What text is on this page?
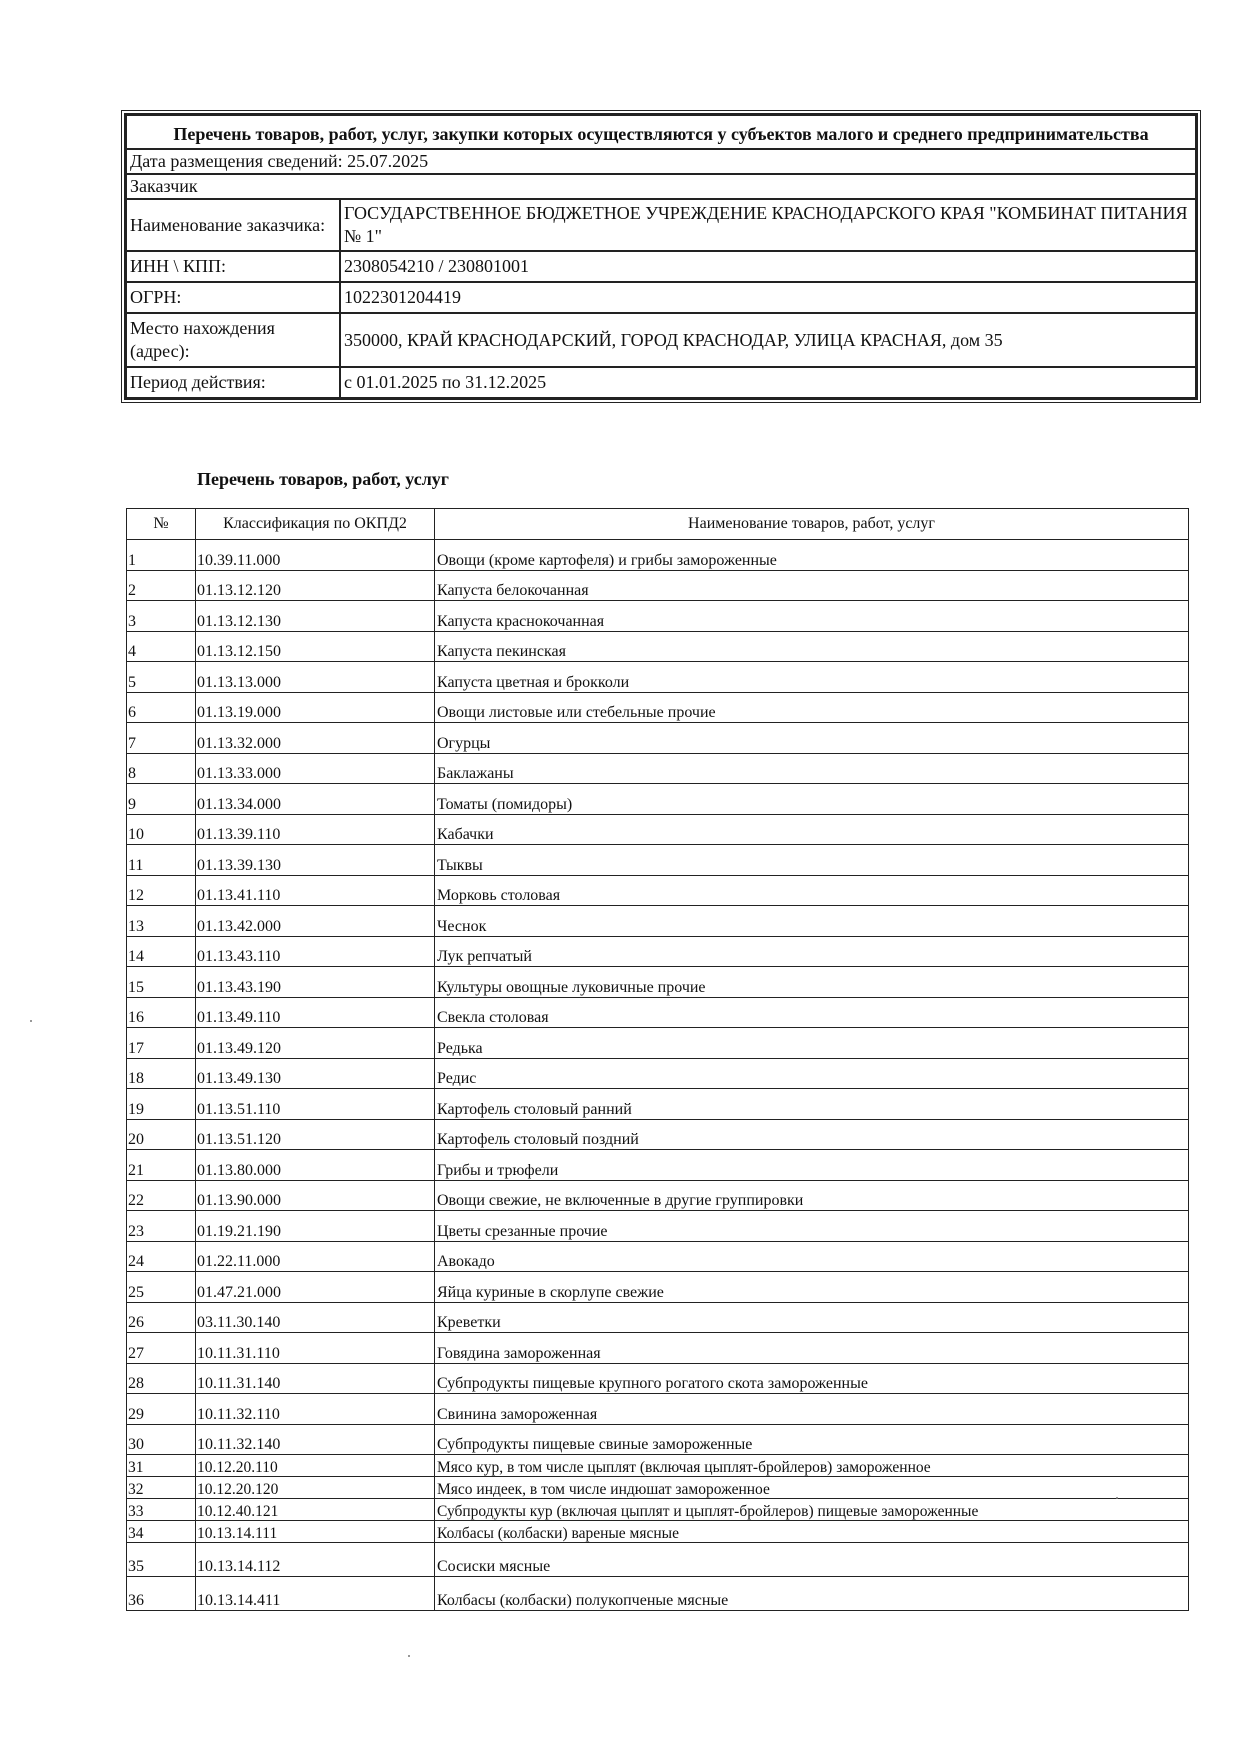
Перечень товаров, работ, услуг, закупки которых осуществляются у субъектов малого и среднего предпринимательства	
Дата размещения сведений: 25.07.2025	
Заказчик	
Наименование заказчика:	ГОСУДАРСТВЕННОЕ БЮДЖЕТНОЕ УЧРЕЖДЕНИЕ КРАСНОДАРСКОГО КРАЯ "КОМБИНАТ ПИТАНИЯ № 1"
ИНН \ КПП:	2308054210 / 230801001
ОГРН:	1022301204419
Место нахождения (адрес):	350000, КРАЙ КРАСНОДАРСКИЙ, ГОРОД КРАСНОДАР, УЛИЦА КРАСНАЯ, дом 35
Период действия:	с 01.01.2025 по 31.12.2025

Перечень товаров, работ, услуг

№	Классификация по ОКПД2	Наименование товаров, работ, услуг
1	10.39.11.000	Овощи (кроме картофеля) и грибы замороженные
2	01.13.12.120	Капуста белокочанная
3	01.13.12.130	Капуста краснокочанная
4	01.13.12.150	Капуста пекинская
5	01.13.13.000	Капуста цветная и брокколи
6	01.13.19.000	Овощи листовые или стебельные прочие
7	01.13.32.000	Огурцы
8	01.13.33.000	Баклажаны
9	01.13.34.000	Томаты (помидоры)
10	01.13.39.110	Кабачки
11	01.13.39.130	Тыквы
12	01.13.41.110	Морковь столовая
13	01.13.42.000	Чеснок
14	01.13.43.110	Лук репчатый
15	01.13.43.190	Культуры овощные луковичные прочие
16	01.13.49.110	Свекла столовая
17	01.13.49.120	Редька
18	01.13.49.130	Редис
19	01.13.51.110	Картофель столовый ранний
20	01.13.51.120	Картофель столовый поздний
21	01.13.80.000	Грибы и трюфели
22	01.13.90.000	Овощи свежие, не включенные в другие группировки
23	01.19.21.190	Цветы срезанные прочие
24	01.22.11.000	Авокадо
25	01.47.21.000	Яйца куриные в скорлупе свежие
26	03.11.30.140	Креветки
27	10.11.31.110	Говядина замороженная
28	10.11.31.140	Субпродукты пищевые крупного рогатого скота замороженные
29	10.11.32.110	Свинина замороженная
30	10.11.32.140	Субпродукты пищевые свиные замороженные
31	10.12.20.110	Мясо кур, в том числе цыплят (включая цыплят-бройлеров) замороженное
32	10.12.20.120	Мясо индеек, в том числе индюшат замороженное
33	10.12.40.121	Субпродукты кур (включая цыплят и цыплят-бройлеров) пищевые замороженные
34	10.13.14.111	Колбасы (колбаски) вареные мясные
35	10.13.14.112	Сосиски мясные
36	10.13.14.411	Колбасы (колбаски) полукопченые мясные
